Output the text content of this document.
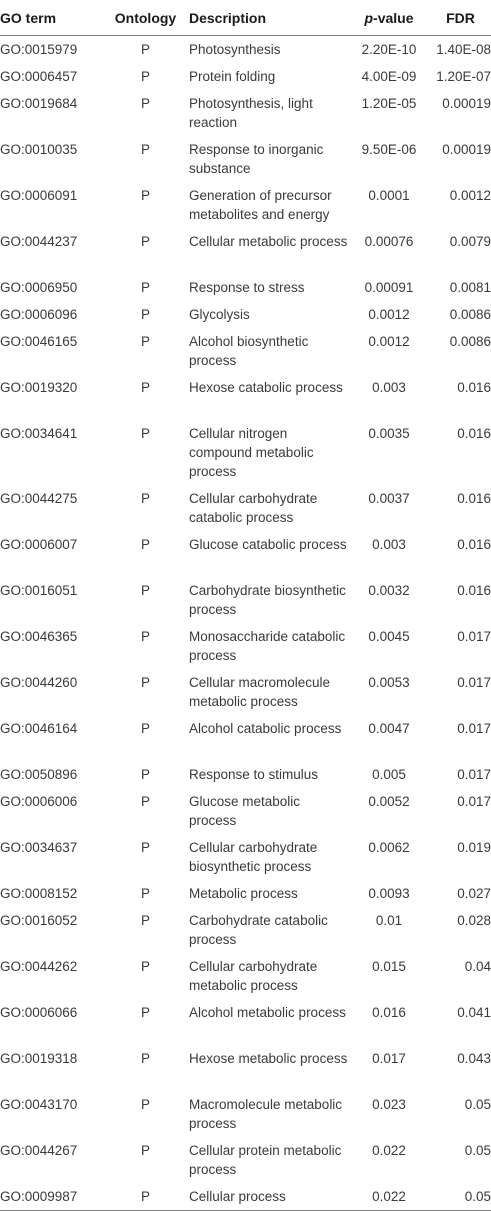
GO term	Ontology	Description	p-value	FDR
GO:0015979	P	Photosynthesis	2.20E-10	1.40E-08
GO:0006457	P	Protein folding	4.00E-09	1.20E-07
GO:0019684	P	Photosynthesis, light reaction	1.20E-05	0.00019
GO:0010035	P	Response to inorganic substance	9.50E-06	0.00019
GO:0006091	P	Generation of precursor metabolites and energy	0.0001	0.0012
GO:0044237	P	Cellular metabolic process	0.00076	0.0079
GO:0006950	P	Response to stress	0.00091	0.0081
GO:0006096	P	Glycolysis	0.0012	0.0086
GO:0046165	P	Alcohol biosynthetic process	0.0012	0.0086
GO:0019320	P	Hexose catabolic process	0.003	0.016
GO:0034641	P	Cellular nitrogen compound metabolic process	0.0035	0.016
GO:0044275	P	Cellular carbohydrate catabolic process	0.0037	0.016
GO:0006007	P	Glucose catabolic process	0.003	0.016
GO:0016051	P	Carbohydrate biosynthetic process	0.0032	0.016
GO:0046365	P	Monosaccharide catabolic process	0.0045	0.017
GO:0044260	P	Cellular macromolecule metabolic process	0.0053	0.017
GO:0046164	P	Alcohol catabolic process	0.0047	0.017
GO:0050896	P	Response to stimulus	0.005	0.017
GO:0006006	P	Glucose metabolic process	0.0052	0.017
GO:0034637	P	Cellular carbohydrate biosynthetic process	0.0062	0.019
GO:0008152	P	Metabolic process	0.0093	0.027
GO:0016052	P	Carbohydrate catabolic process	0.01	0.028
GO:0044262	P	Cellular carbohydrate metabolic process	0.015	0.04
GO:0006066	P	Alcohol metabolic process	0.016	0.041
GO:0019318	P	Hexose metabolic process	0.017	0.043
GO:0043170	P	Macromolecule metabolic process	0.023	0.05
GO:0044267	P	Cellular protein metabolic process	0.022	0.05
GO:0009987	P	Cellular process	0.022	0.05
